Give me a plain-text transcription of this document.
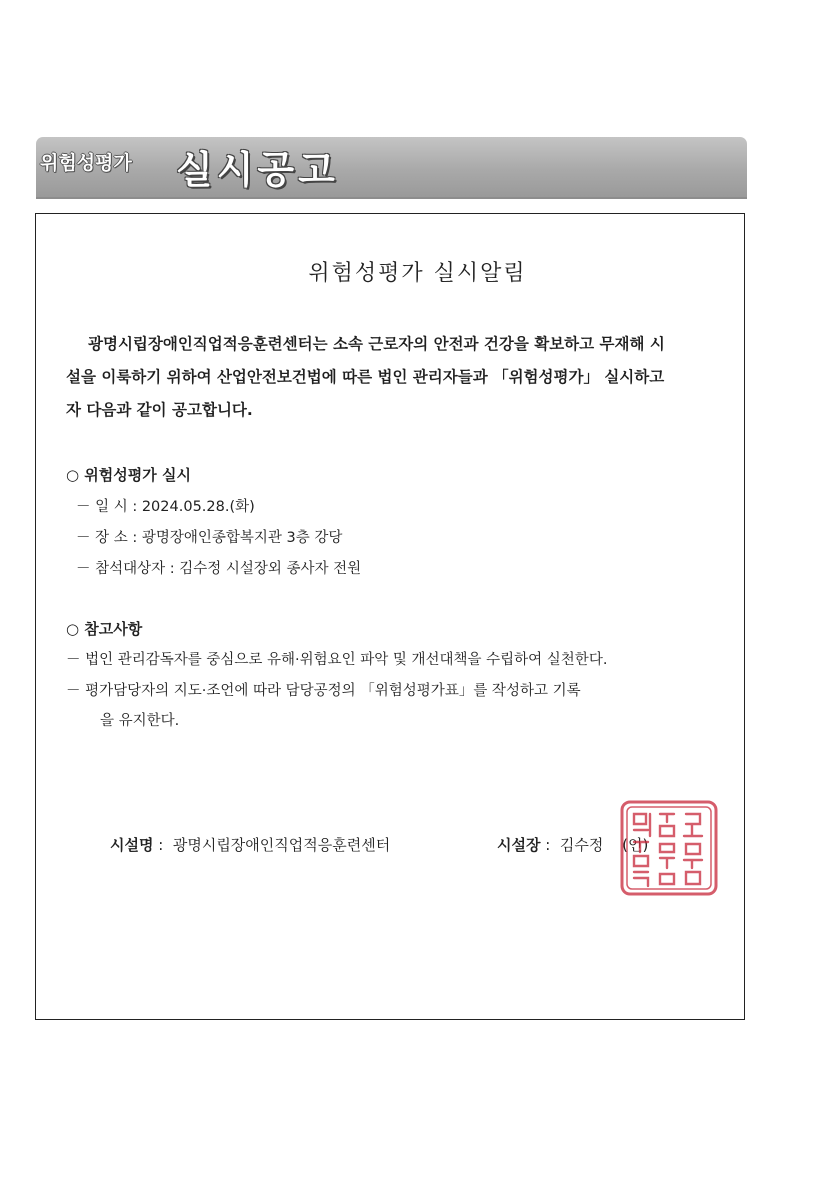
위험성평가 실시공고
위험성평가 실시알림
광명시립장애인직업적응훈련센터는 소속 근로자의 안전과 건강을 확보하고 무재해 시
설을 이룩하기 위하여 산업안전보건법에 따른 법인 관리자들과 「위험성평가」 실시하고
자 다음과 같이 공고합니다.
○ 위험성평가 실시
－ 일 시 : 2024.05.28.(화)
－ 장 소 : 광명장애인종합복지관 3층 강당
－ 참석대상자 : 김수정 시설장외 종사자 전원
○ 참고사항
－ 법인 관리감독자를 중심으로 유해·위험요인 파악 및 개선대책을 수립하여 실천한다.
－ 평가담당자의 지도·조언에 따라 담당공정의 「위험성평가표」를 작성하고 기록
을 유지한다.
시설명 :  광명시립장애인직업적응훈련센터	시설장 :  김수정 (인)
